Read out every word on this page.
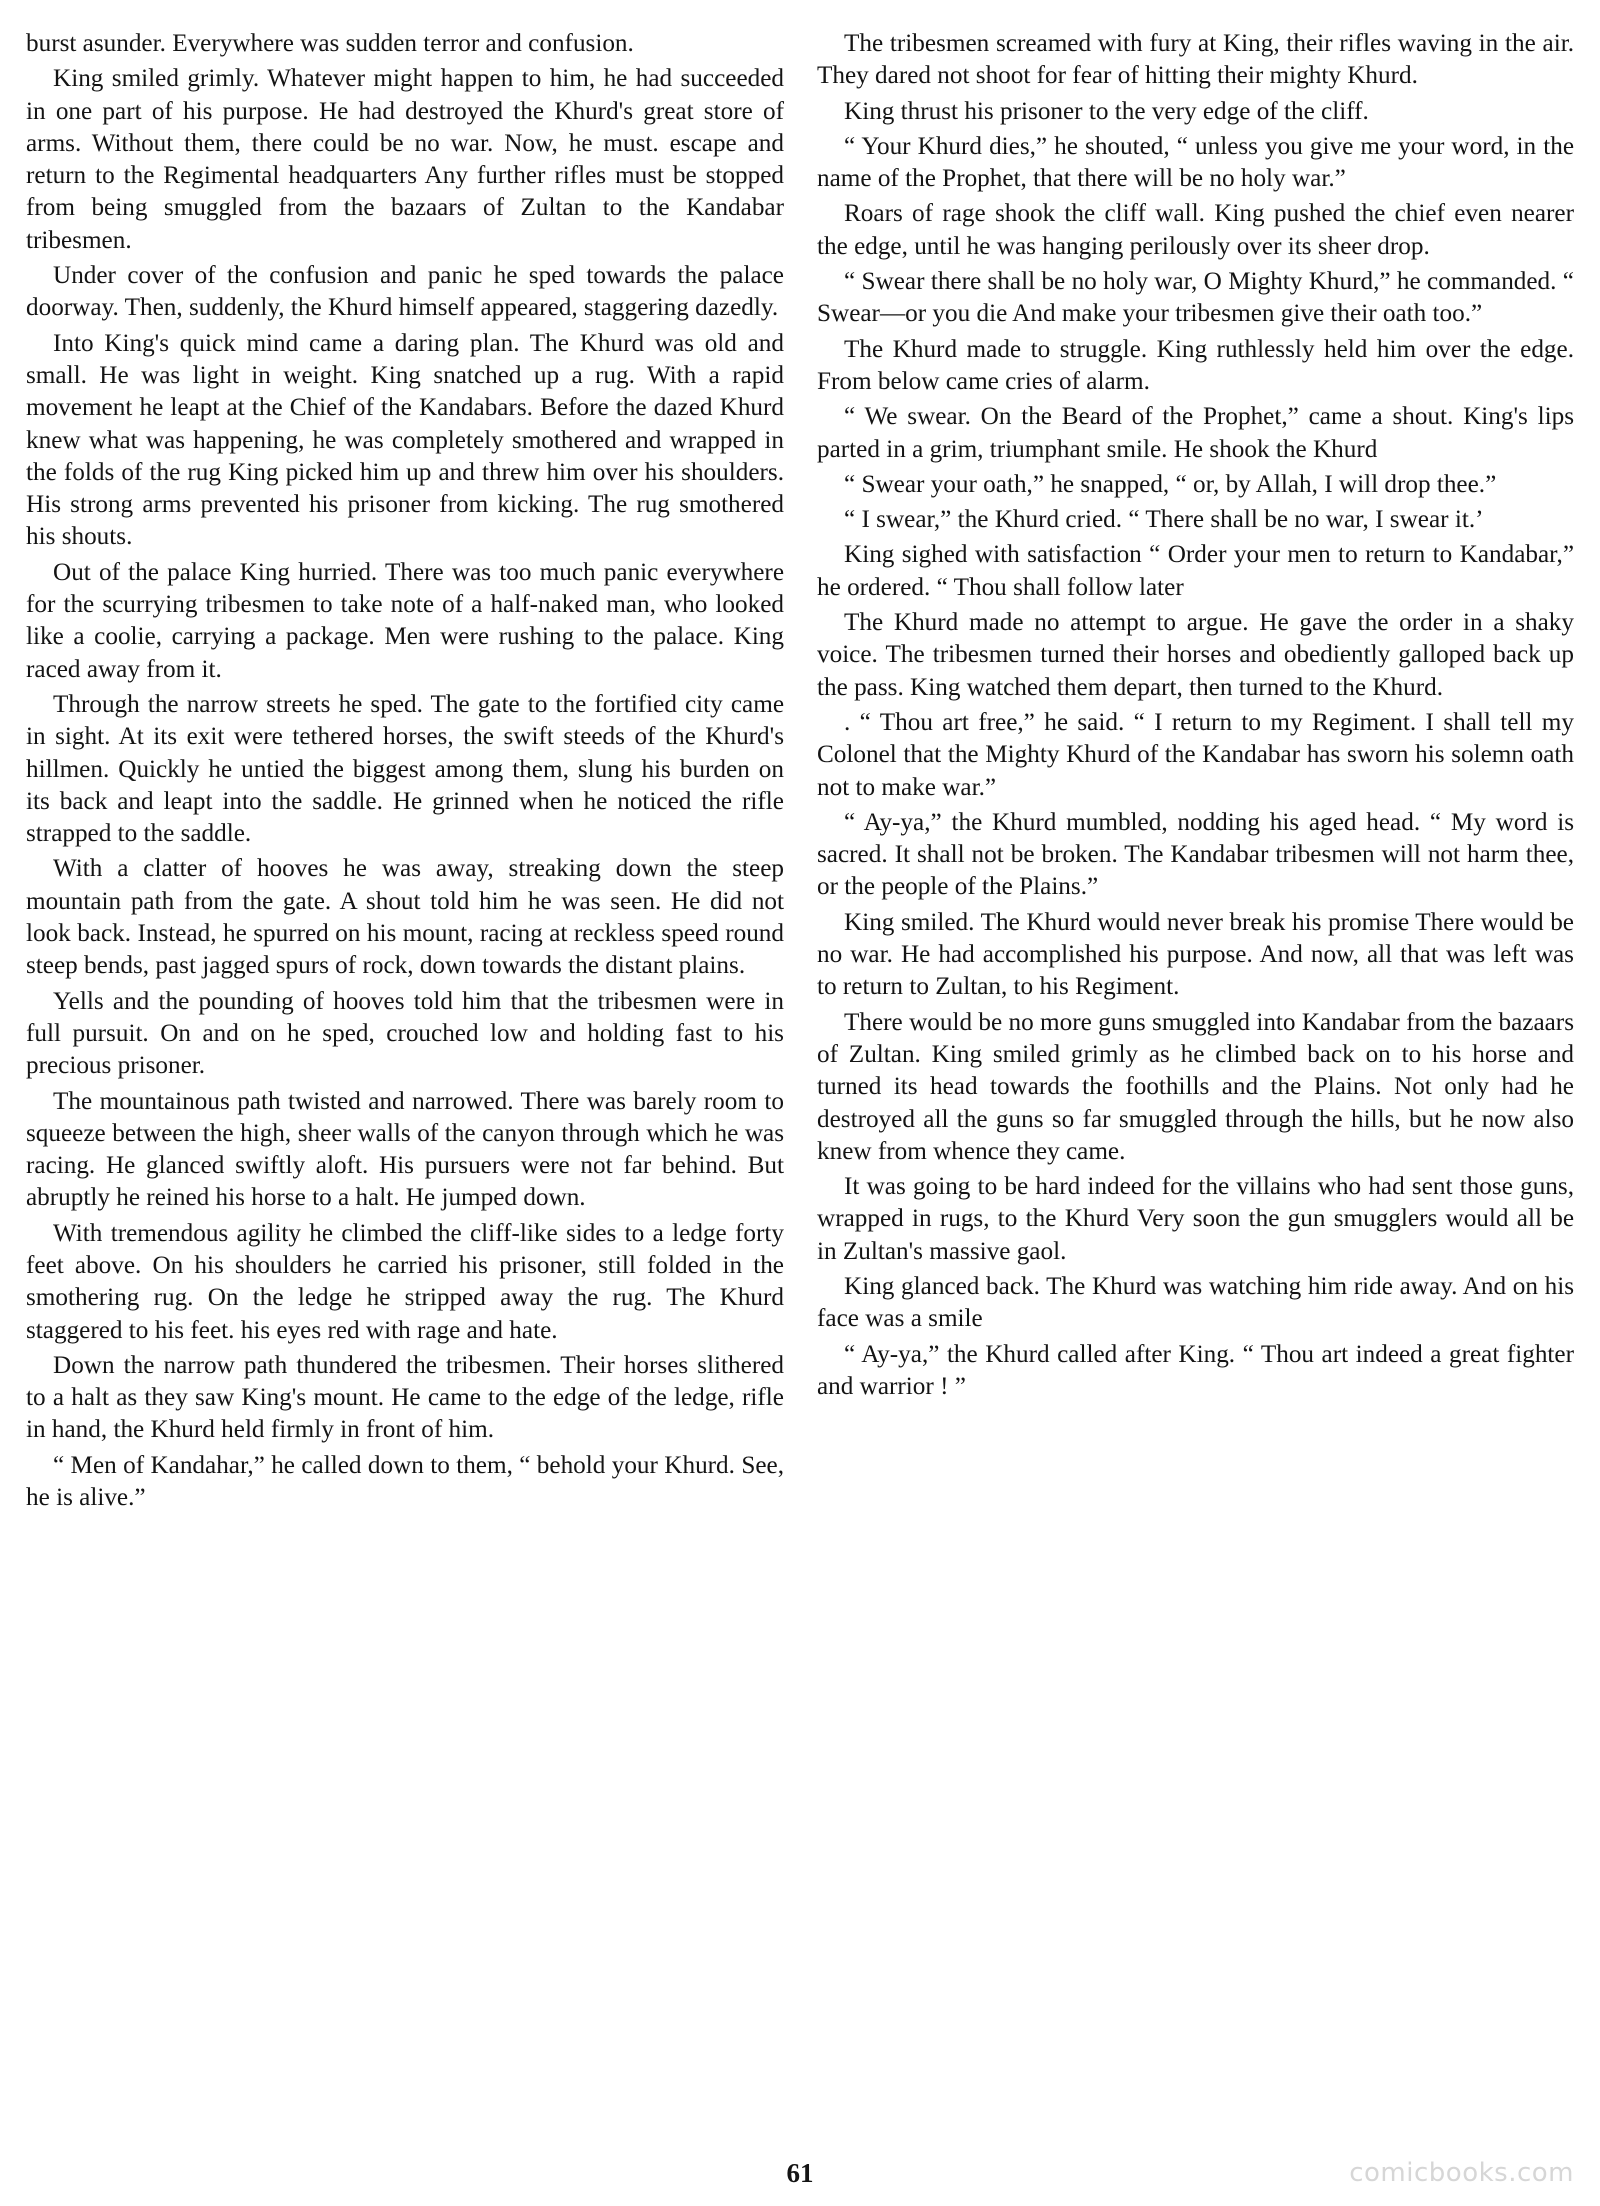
burst asunder. Everywhere was sudden terror and confusion.

King smiled grimly. Whatever might happen to him, he had succeeded in one part of his purpose. He had destroyed the Khurd's great store of arms. Without them, there could be no war. Now, he must. escape and return to the Regimental headquarters Any further rifles must be stopped from being smuggled from the bazaars of Zultan to the Kandabar tribesmen.

Under cover of the confusion and panic he sped towards the palace doorway. Then, suddenly, the Khurd himself appeared, staggering dazedly.

Into King's quick mind came a daring plan. The Khurd was old and small. He was light in weight. King snatched up a rug. With a rapid movement he leapt at the Chief of the Kandabars. Before the dazed Khurd knew what was happening, he was completely smothered and wrapped in the folds of the rug King picked him up and threw him over his shoulders. His strong arms prevented his prisoner from kicking. The rug smothered his shouts.

Out of the palace King hurried. There was too much panic everywhere for the scurrying tribesmen to take note of a half-naked man, who looked like a coolie, carrying a package. Men were rushing to the palace. King raced away from it.

Through the narrow streets he sped. The gate to the fortified city came in sight. At its exit were tethered horses, the swift steeds of the Khurd's hillmen. Quickly he untied the biggest among them, slung his burden on its back and leapt into the saddle. He grinned when he noticed the rifle strapped to the saddle.

With a clatter of hooves he was away, streaking down the steep mountain path from the gate. A shout told him he was seen. He did not look back. Instead, he spurred on his mount, racing at reckless speed round steep bends, past jagged spurs of rock, down towards the distant plains.

Yells and the pounding of hooves told him that the tribesmen were in full pursuit. On and on he sped, crouched low and holding fast to his precious prisoner.

The mountainous path twisted and narrowed. There was barely room to squeeze between the high, sheer walls of the canyon through which he was racing. He glanced swiftly aloft. His pursuers were not far behind. But abruptly he reined his horse to a halt. He jumped down.

With tremendous agility he climbed the cliff-like sides to a ledge forty feet above. On his shoulders he carried his prisoner, still folded in the smothering rug. On the ledge he stripped away the rug. The Khurd staggered to his feet. his eyes red with rage and hate.

Down the narrow path thundered the tribesmen. Their horses slithered to a halt as they saw King's mount. He came to the edge of the ledge, rifle in hand, the Khurd held firmly in front of him.

“ Men of Kandahar,” he called down to them, “ behold your Khurd. See, he is alive.”

The tribesmen screamed with fury at King, their rifles waving in the air. They dared not shoot for fear of hitting their mighty Khurd.

King thrust his prisoner to the very edge of the cliff.

“ Your Khurd dies,” he shouted, “ unless you give me your word, in the name of the Prophet, that there will be no holy war.”

Roars of rage shook the cliff wall. King pushed the chief even nearer the edge, until he was hanging perilously over its sheer drop.

“ Swear there shall be no holy war, O Mighty Khurd,” he commanded. “ Swear—or you die And make your tribesmen give their oath too.”

The Khurd made to struggle. King ruthlessly held him over the edge. From below came cries of alarm.

“ We swear. On the Beard of the Prophet,” came a shout. King's lips parted in a grim, triumphant smile. He shook the Khurd

“ Swear your oath,” he snapped, “ or, by Allah, I will drop thee.”

“ I swear,” the Khurd cried. “ There shall be no war, I swear it.’

King sighed with satisfaction “ Order your men to return to Kandabar,” he ordered. “ Thou shall follow later

The Khurd made no attempt to argue. He gave the order in a shaky voice. The tribesmen turned their horses and obediently galloped back up the pass. King watched them depart, then turned to the Khurd.

. “ Thou art free,” he said. “ I return to my Regiment. I shall tell my Colonel that the Mighty Khurd of the Kandabar has sworn his solemn oath not to make war.”

“ Ay-ya,” the Khurd mumbled, nodding his aged head. “ My word is sacred. It shall not be broken. The Kandabar tribesmen will not harm thee, or the people of the Plains.”

King smiled. The Khurd would never break his promise There would be no war. He had accomplished his purpose. And now, all that was left was to return to Zultan, to his Regiment.

There would be no more guns smuggled into Kandabar from the bazaars of Zultan. King smiled grimly as he climbed back on to his horse and turned its head towards the foothills and the Plains. Not only had he destroyed all the guns so far smuggled through the hills, but he now also knew from whence they came.

It was going to be hard indeed for the villains who had sent those guns, wrapped in rugs, to the Khurd Very soon the gun smugglers would all be in Zultan's massive gaol.

King glanced back. The Khurd was watching him ride away. And on his face was a smile

“ Ay-ya,” the Khurd called after King. “ Thou art indeed a great fighter and warrior ! ”

61	comicbooks.com
